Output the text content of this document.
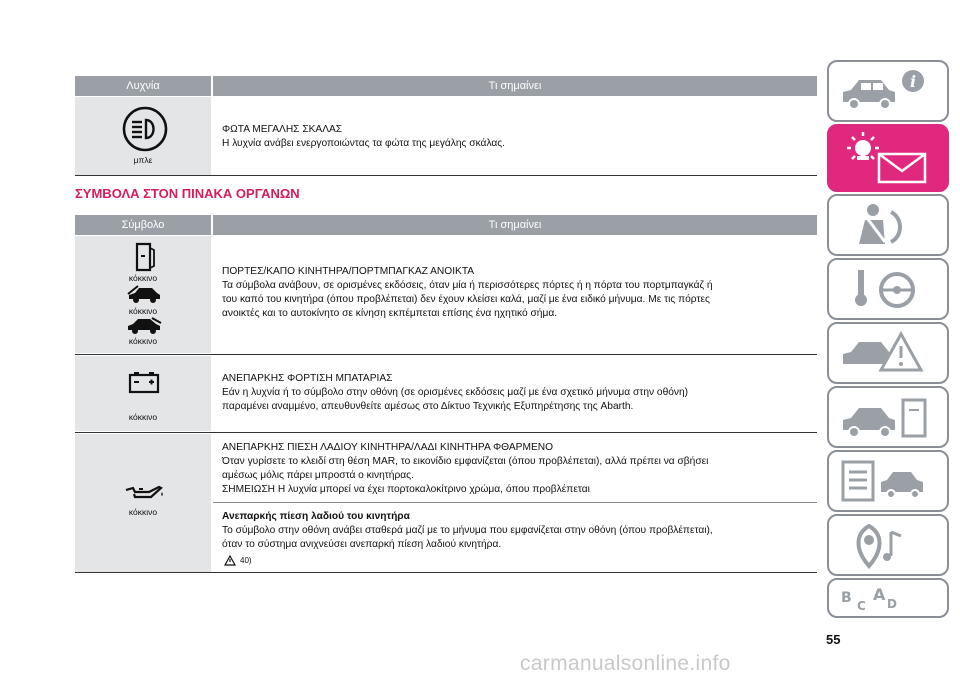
Λυχνία	Τι σημαίνει
μπλε
ΦΩΤΑ ΜΕΓΑΛΗΣ ΣΚΑΛΑΣ
Η λυχνία ανάβει ενεργοποιώντας τα φώτα της μεγάλης σκάλας.
ΣΥΜΒΟΛΑ ΣΤΟΝ ΠΙΝΑΚΑ ΟΡΓΑΝΩΝ
Σύμβολο	Τι σημαίνει
κόκκινο
κόκκινο
κόκκινο
ΠΟΡΤΕΣ/ΚΑΠΟ ΚΙΝΗΤΗΡΑ/ΠΟΡΤΜΠΑΓΚΑΖ ΑΝΟΙΚΤΑ
Τα σύμβολα ανάβουν, σε ορισμένες εκδόσεις, όταν μία ή περισσότερες πόρτες ή η πόρτα του πορτμπαγκάζ ή
του καπό του κινητήρα (όπου προβλέπεται) δεν έχουν κλείσει καλά, μαζί με ένα ειδικό μήνυμα. Με τις πόρτες
ανοικτές και το αυτοκίνητο σε κίνηση εκπέμπεται επίσης ένα ηχητικό σήμα.
κόκκινο
ΑΝΕΠΑΡΚΗΣ ΦΟΡΤΙΣΗ ΜΠΑΤΑΡΙΑΣ
Εάν η λυχνία ή το σύμβολο στην οθόνη (σε ορισμένες εκδόσεις μαζί με ένα σχετικό μήνυμα στην οθόνη)
παραμένει αναμμένο, απευθυνθείτε αμέσως στο Δίκτυο Τεχνικής Εξυπηρέτησης της Abarth.
κόκκινο
ΑΝΕΠΑΡΚΗΣ ΠΙΕΣΗ ΛΑΔΙΟΥ ΚΙΝΗΤΗΡΑ/ΛΑΔΙ ΚΙΝΗΤΗΡΑ ΦΘΑΡΜΕΝΟ
Όταν γυρίσετε το κλειδί στη θέση MAR, το εικονίδιο εμφανίζεται (όπου προβλέπεται), αλλά πρέπει να σβήσει
αμέσως μόλις πάρει μπροστά ο κινητήρας.
ΣΗΜΕΙΩΣΗ Η λυχνία μπορεί να έχει πορτοκαλοκίτρινο χρώμα, όπου προβλέπεται
Ανεπαρκής πίεση λαδιού του κινητήρα
Το σύμβολο στην οθόνη ανάβει σταθερά μαζί με το μήνυμα που εμφανίζεται στην οθόνη (όπου προβλέπεται),
όταν το σύστημα ανιχνεύσει ανεπαρκή πίεση λαδιού κινητήρα.
40)
i
B C
A D
55
carmanualsonline.info
